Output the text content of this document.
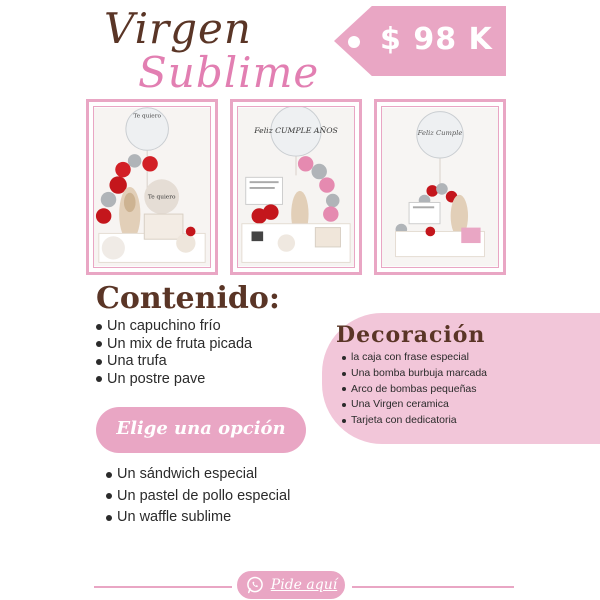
Virgen
Sublime
$ 98 K
Te quiero
Te quiero
Feliz CUMPLE AÑOS	Feliz Cumple
Contenido:
Un capuchino frío
Un mix de fruta picada
Una trufa
Un postre pave
Decoración
la caja con frase especial
Una bomba burbuja marcada
Arco de bombas pequeñas
Una Virgen ceramica
Tarjeta con dedicatoria
Elige una opción
Un sándwich especial
Un pastel de pollo especial
Un waffle sublime
Pide aquí
